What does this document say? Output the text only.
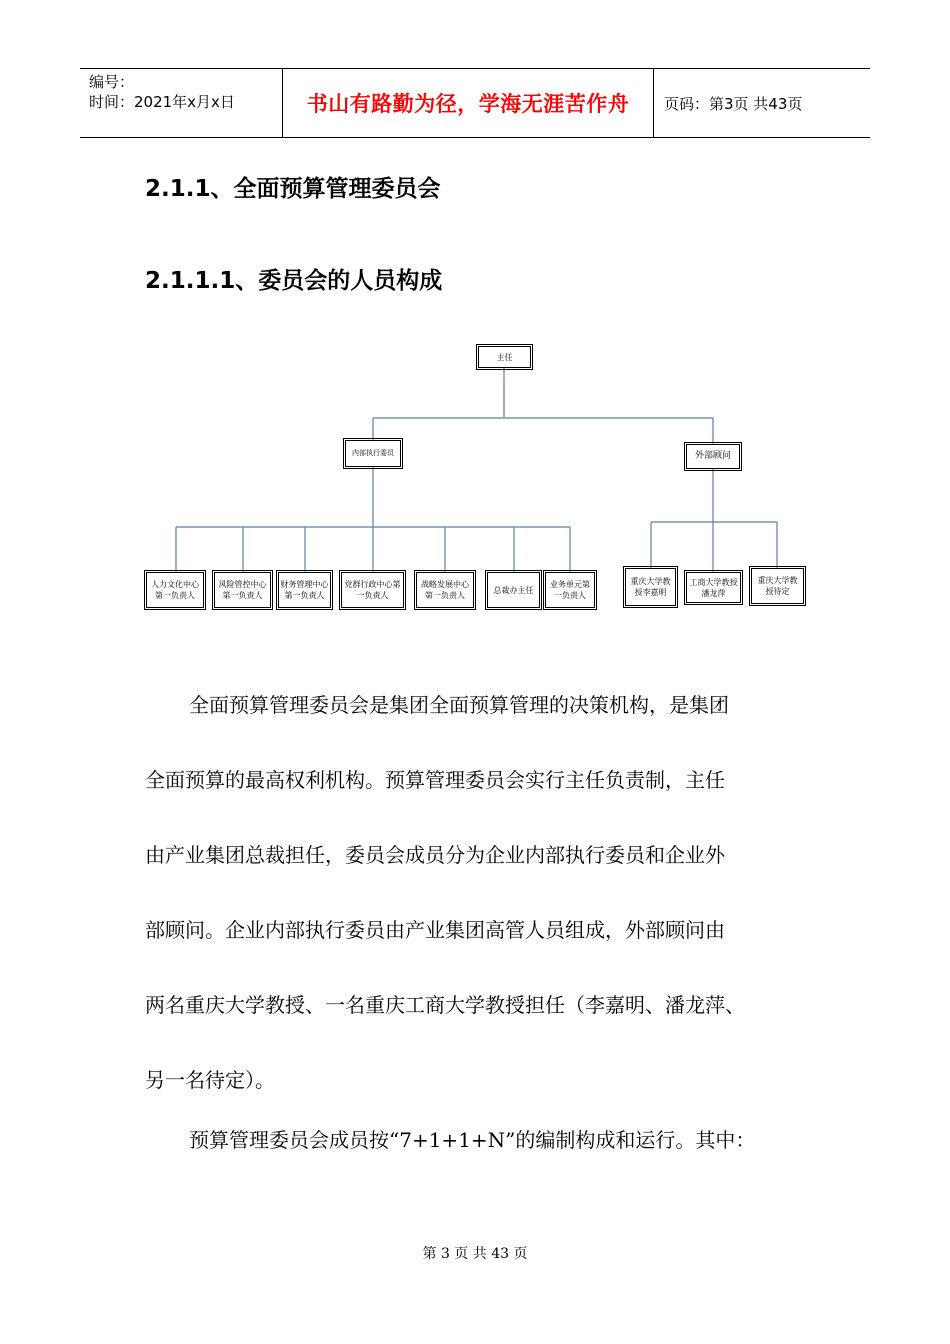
编号：
时间：2021年x月x日	书山有路勤为径，学海无涯苦作舟	页码：第3页 共43页
2.1.1、全面预算管理委员会
2.1.1.1、委员会的人员构成
主任
内部执行委员	外部顾问
人力文化中心
第一负责人
风险管控中心
第一负责人
财务管理中心
第一负责人
党群行政中心第
一负责人
战略发展中心
第一负责人
总裁办主任
业务单元第
一负责人
重庆大学教
授李嘉明
工商大学教授
潘龙萍
重庆大学教
授待定
全面预算管理委员会是集团全面预算管理的决策机构，是集团
全面预算的最高权利机构。预算管理委员会实行主任负责制，主任
由产业集团总裁担任，委员会成员分为企业内部执行委员和企业外
部顾问。企业内部执行委员由产业集团高管人员组成，外部顾问由
两名重庆大学教授、一名重庆工商大学教授担任（李嘉明、潘龙萍、
另一名待定）。
预算管理委员会成员按“7+1+1+N”的编制构成和运行。其中：
第 3 页 共 43 页
